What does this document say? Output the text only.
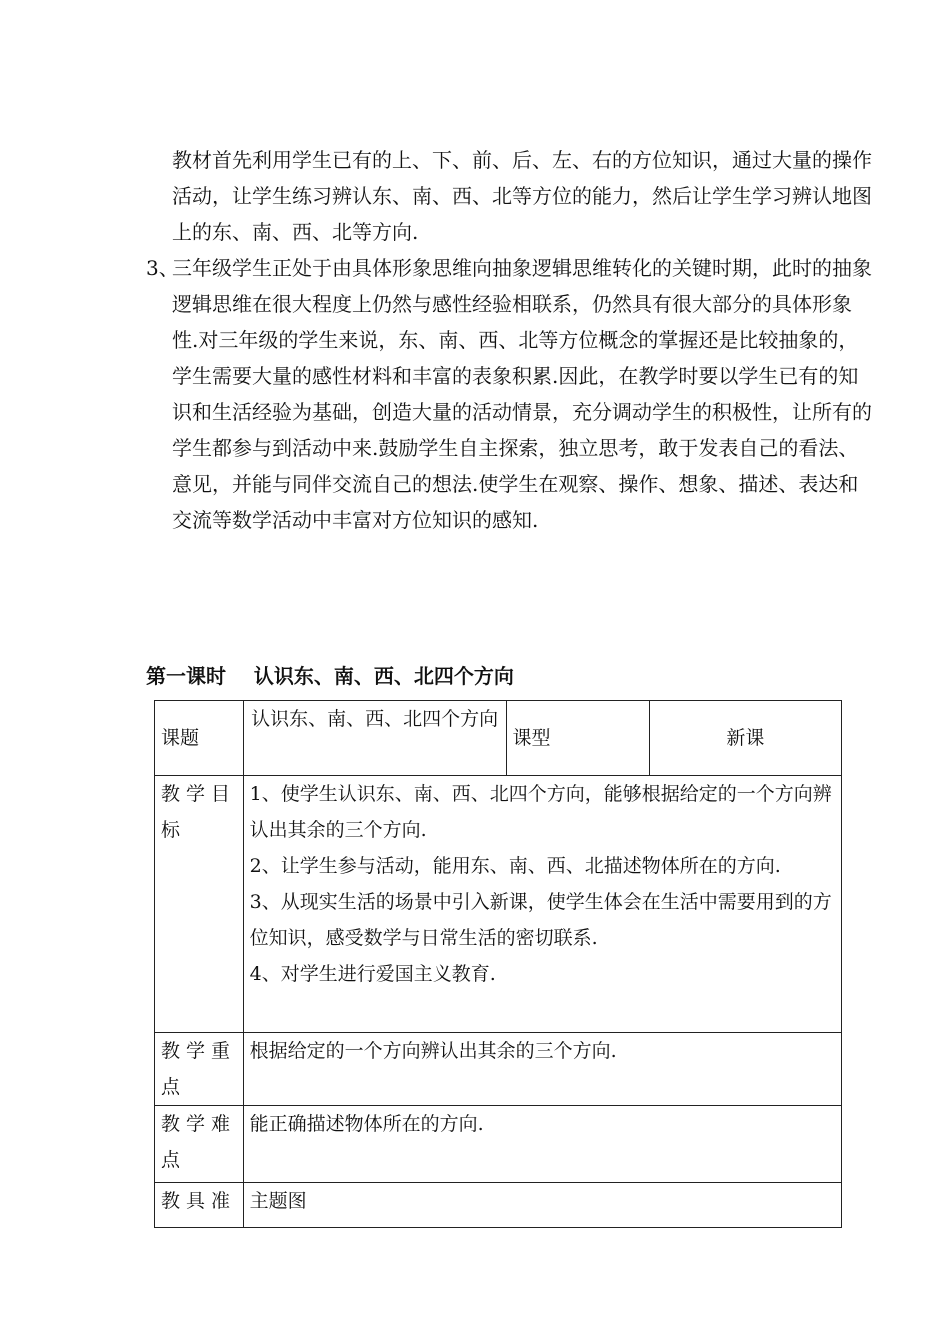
教材首先利用学生已有的上、下、前、后、左、右的方位知识，通过大量的操作活动，让学生练习辨认东、南、西、北等方位的能力，然后让学生学习辨认地图上的东、南、西、北等方向.

3、
三年级学生正处于由具体形象思维向抽象逻辑思维转化的关键时期，此时的抽象逻辑思维在很大程度上仍然与感性经验相联系，仍然具有很大部分的具体形象性.对三年级的学生来说，东、南、西、北等方位概念的掌握还是比较抽象的，学生需要大量的感性材料和丰富的表象积累.因此，在教学时要以学生已有的知识和生活经验为基础，创造大量的活动情景，充分调动学生的积极性，让所有的学生都参与到活动中来.鼓励学生自主探索，独立思考，敢于发表自己的看法、意见，并能与同伴交流自己的想法.使学生在观察、操作、想象、描述、表达和交流等数学活动中丰富对方位知识的感知.

第一课时    认识东、南、西、北四个方向

课题	认识东、南、西、北四个方向	课型	新课
教学目标	1、使学生认识东、南、西、北四个方向，能够根据给定的一个方向辨认出其余的三个方向.
2、让学生参与活动，能用东、南、西、北描述物体所在的方向.
3、从现实生活的场景中引入新课，使学生体会在生活中需要用到的方位知识，感受数学与日常生活的密切联系.
4、对学生进行爱国主义教育.		

教学重点	根据给定的一个方向辨认出其余的三个方向.		
教学难点	能正确描述物体所在的方向.		
教具准	主题图		
